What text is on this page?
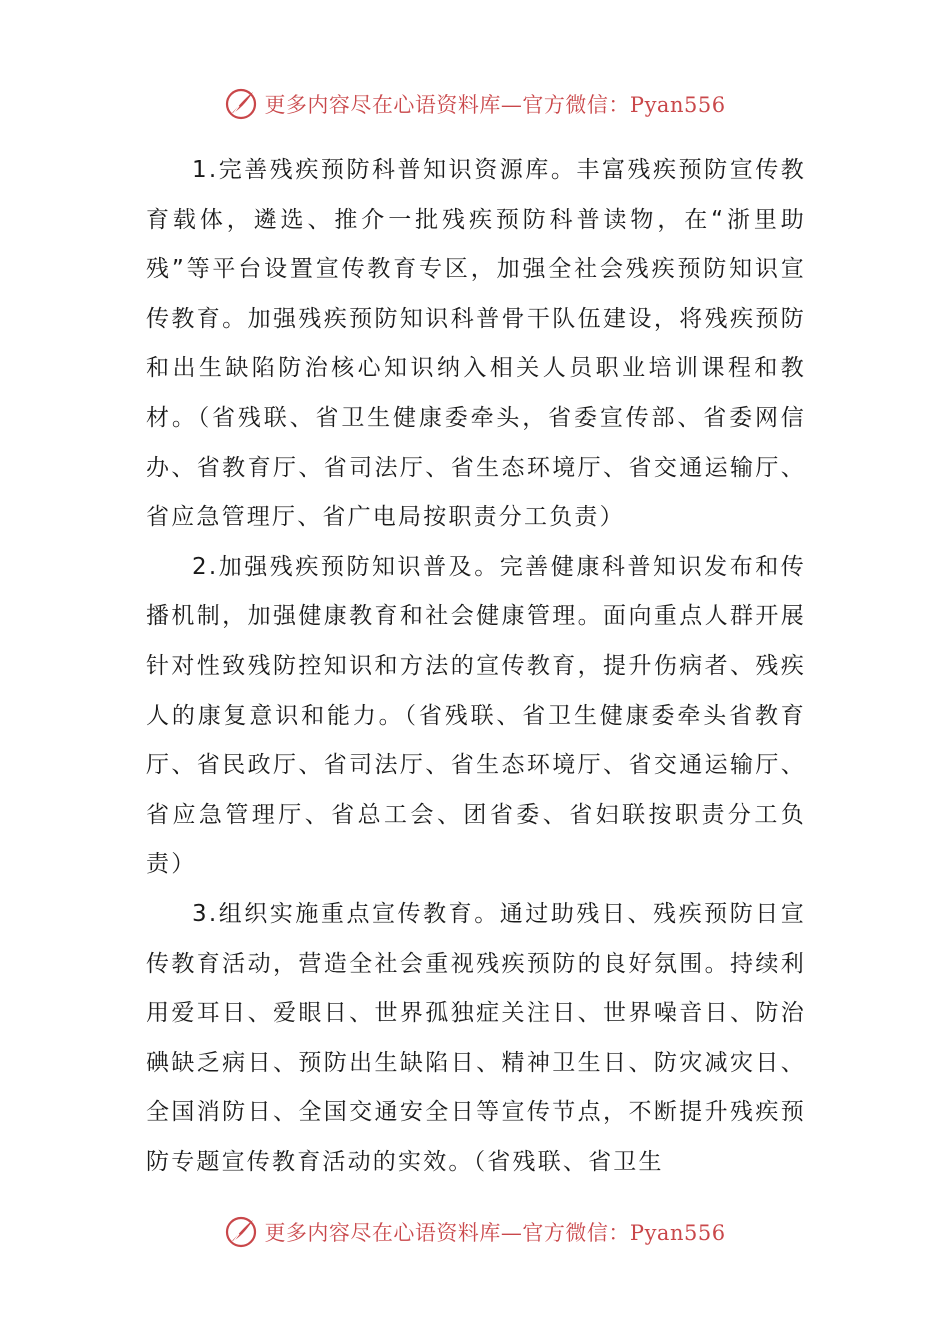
更多内容尽在心语资料库—官方微信：Pyan556

1.完善残疾预防科普知识资源库。丰富残疾预防宣传教育载体，遴选、推介一批残疾预防科普读物，在“浙里助残”等平台设置宣传教育专区，加强全社会残疾预防知识宣传教育。加强残疾预防知识科普骨干队伍建设，将残疾预防和出生缺陷防治核心知识纳入相关人员职业培训课程和教材。（省残联、省卫生健康委牵头，省委宣传部、省委网信办、省教育厅、省司法厅、省生态环境厅、省交通运输厅、省应急管理厅、省广电局按职责分工负责）

2.加强残疾预防知识普及。完善健康科普知识发布和传播机制，加强健康教育和社会健康管理。面向重点人群开展针对性致残防控知识和方法的宣传教育，提升伤病者、残疾人的康复意识和能力。（省残联、省卫生健康委牵头省教育厅、省民政厅、省司法厅、省生态环境厅、省交通运输厅、省应急管理厅、省总工会、团省委、省妇联按职责分工负责）

3.组织实施重点宣传教育。通过助残日、残疾预防日宣传教育活动，营造全社会重视残疾预防的良好氛围。持续利用爱耳日、爱眼日、世界孤独症关注日、世界噪音日、防治碘缺乏病日、预防出生缺陷日、精神卫生日、防灾减灾日、全国消防日、全国交通安全日等宣传节点，不断提升残疾预防专题宣传教育活动的实效。（省残联、省卫生

更多内容尽在心语资料库—官方微信：Pyan556
